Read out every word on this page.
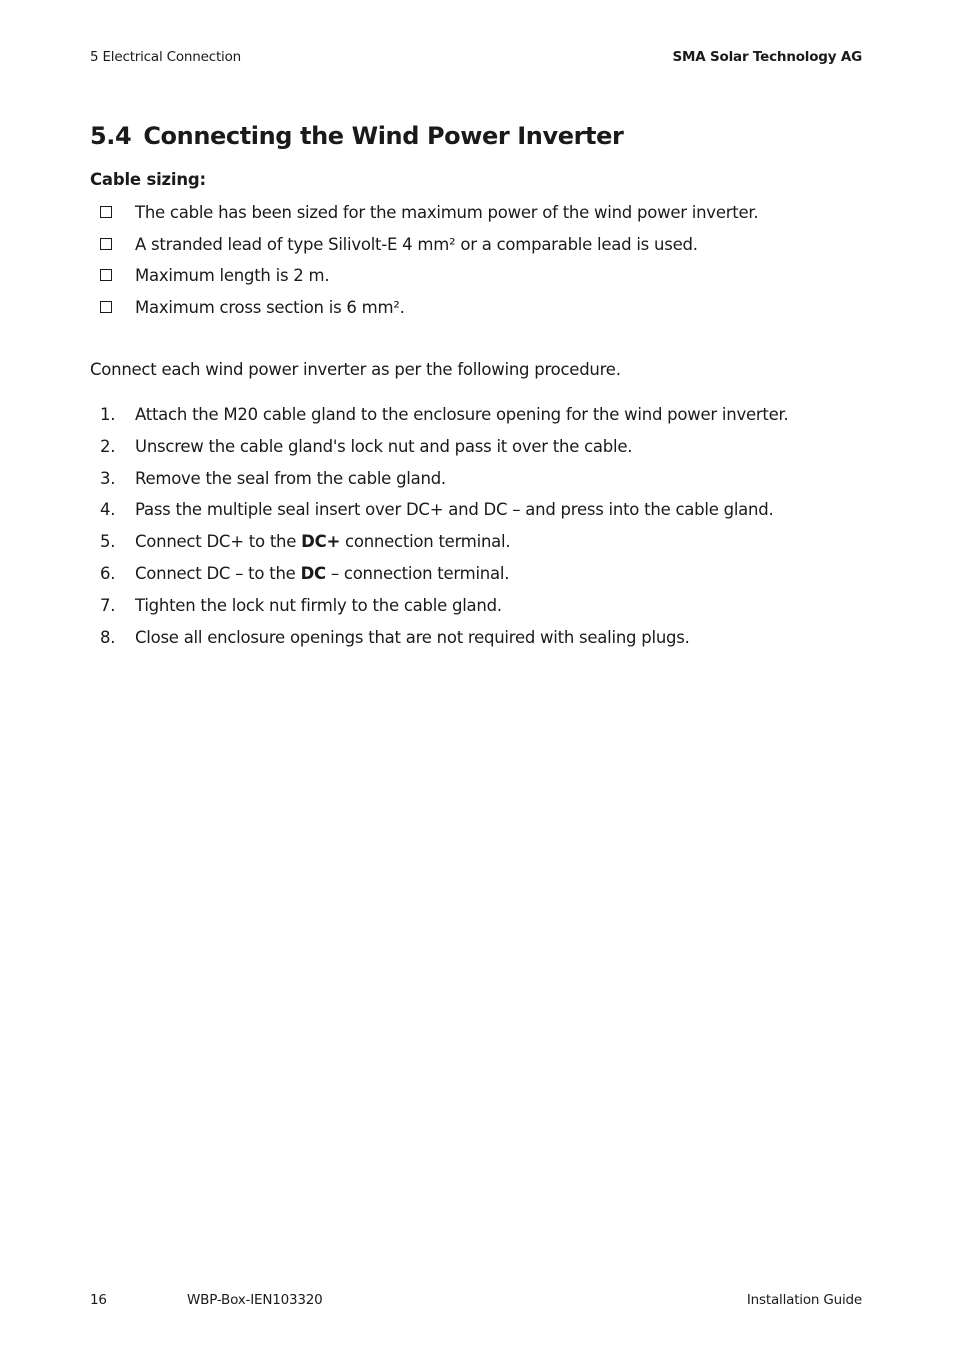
5 Electrical Connection	SMA Solar Technology AG
5.4 Connecting the Wind Power Inverter
Cable sizing:
The cable has been sized for the maximum power of the wind power inverter.
A stranded lead of type Silivolt-E 4 mm² or a comparable lead is used.
Maximum length is 2 m.
Maximum cross section is 6 mm².
Connect each wind power inverter as per the following procedure.
1. Attach the M20 cable gland to the enclosure opening for the wind power inverter.
2. Unscrew the cable gland's lock nut and pass it over the cable.
3. Remove the seal from the cable gland.
4. Pass the multiple seal insert over DC+ and DC – and press into the cable gland.
5. Connect DC+ to the DC+ connection terminal.
6. Connect DC – to the DC – connection terminal.
7. Tighten the lock nut firmly to the cable gland.
8. Close all enclosure openings that are not required with sealing plugs.
16	WBP-Box-IEN103320	Installation Guide
